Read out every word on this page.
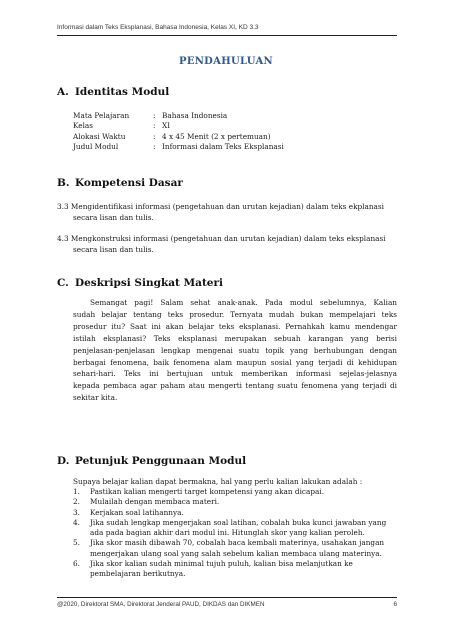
Informasi dalam Teks Eksplanasi, Bahasa Indonesia, Kelas XI, KD 3.3
PENDAHULUAN
A. Identitas Modul
Mata Pelajaran	: Bahasa Indonesia
Kelas	: XI
Alokasi Waktu	: 4 x 45 Menit (2 x pertemuan)
Judul Modul	: Informasi dalam Teks Eksplanasi
B. Kompetensi Dasar
3.3 Mengidentifikasi informasi (pengetahuan dan urutan kejadian) dalam teks ekplanasi
secara lisan dan tulis.
4.3 Mengkonstruksi informasi (pengetahuan dan urutan kejadian) dalam teks eksplanasi
secara lisan dan tulis.
C. Deskripsi Singkat Materi
Semangat pagi! Salam sehat anak-anak. Pada modul sebelumnya, Kalian
sudah belajar tentang teks prosedur. Ternyata mudah bukan mempelajari teks
prosedur itu? Saat ini akan belajar teks eksplanasi. Pernahkah kamu mendengar
istilah eksplanasi? Teks eksplanasi merupakan sebuah karangan yang berisi
penjelasan-penjelasan lengkap mengenai suatu topik yang berhubungan dengan
berbagai fenomena, baik fenomena alam maupun sosial yang terjadi di kehidupan
sehari-hari. Teks ini bertujuan untuk memberikan informasi sejelas-jelasnya
kepada pembaca agar paham atau mengerti tentang suatu fenomena yang terjadi di
sekitar kita.
D. Petunjuk Penggunaan Modul
Supaya belajar kalian dapat bermakna, hal yang perlu kalian lakukan adalah :
1.	Pastikan kalian mengerti target kompetensi yang akan dicapai.
2.	Mulailah dengan membaca materi.
3.	Kerjakan soal latihannya.
4.	Jika sudah lengkap mengerjakan soal latihan, cobalah buka kunci jawaban yang ada pada bagian akhir dari modul ini. Hitunglah skor yang kalian peroleh.
5.	Jika skor masih dibawah 70, cobalah baca kembali materinya, usahakan jangan mengerjakan ulang soal yang salah sebelum kalian membaca ulang materinya.
6.	Jika skor kalian sudah minimal tujuh puluh, kalian bisa melanjutkan ke pembelajaran berikutnya.
@2020, Direktorat SMA, Direktorat Jenderal PAUD, DIKDAS dan DIKMEN	6
